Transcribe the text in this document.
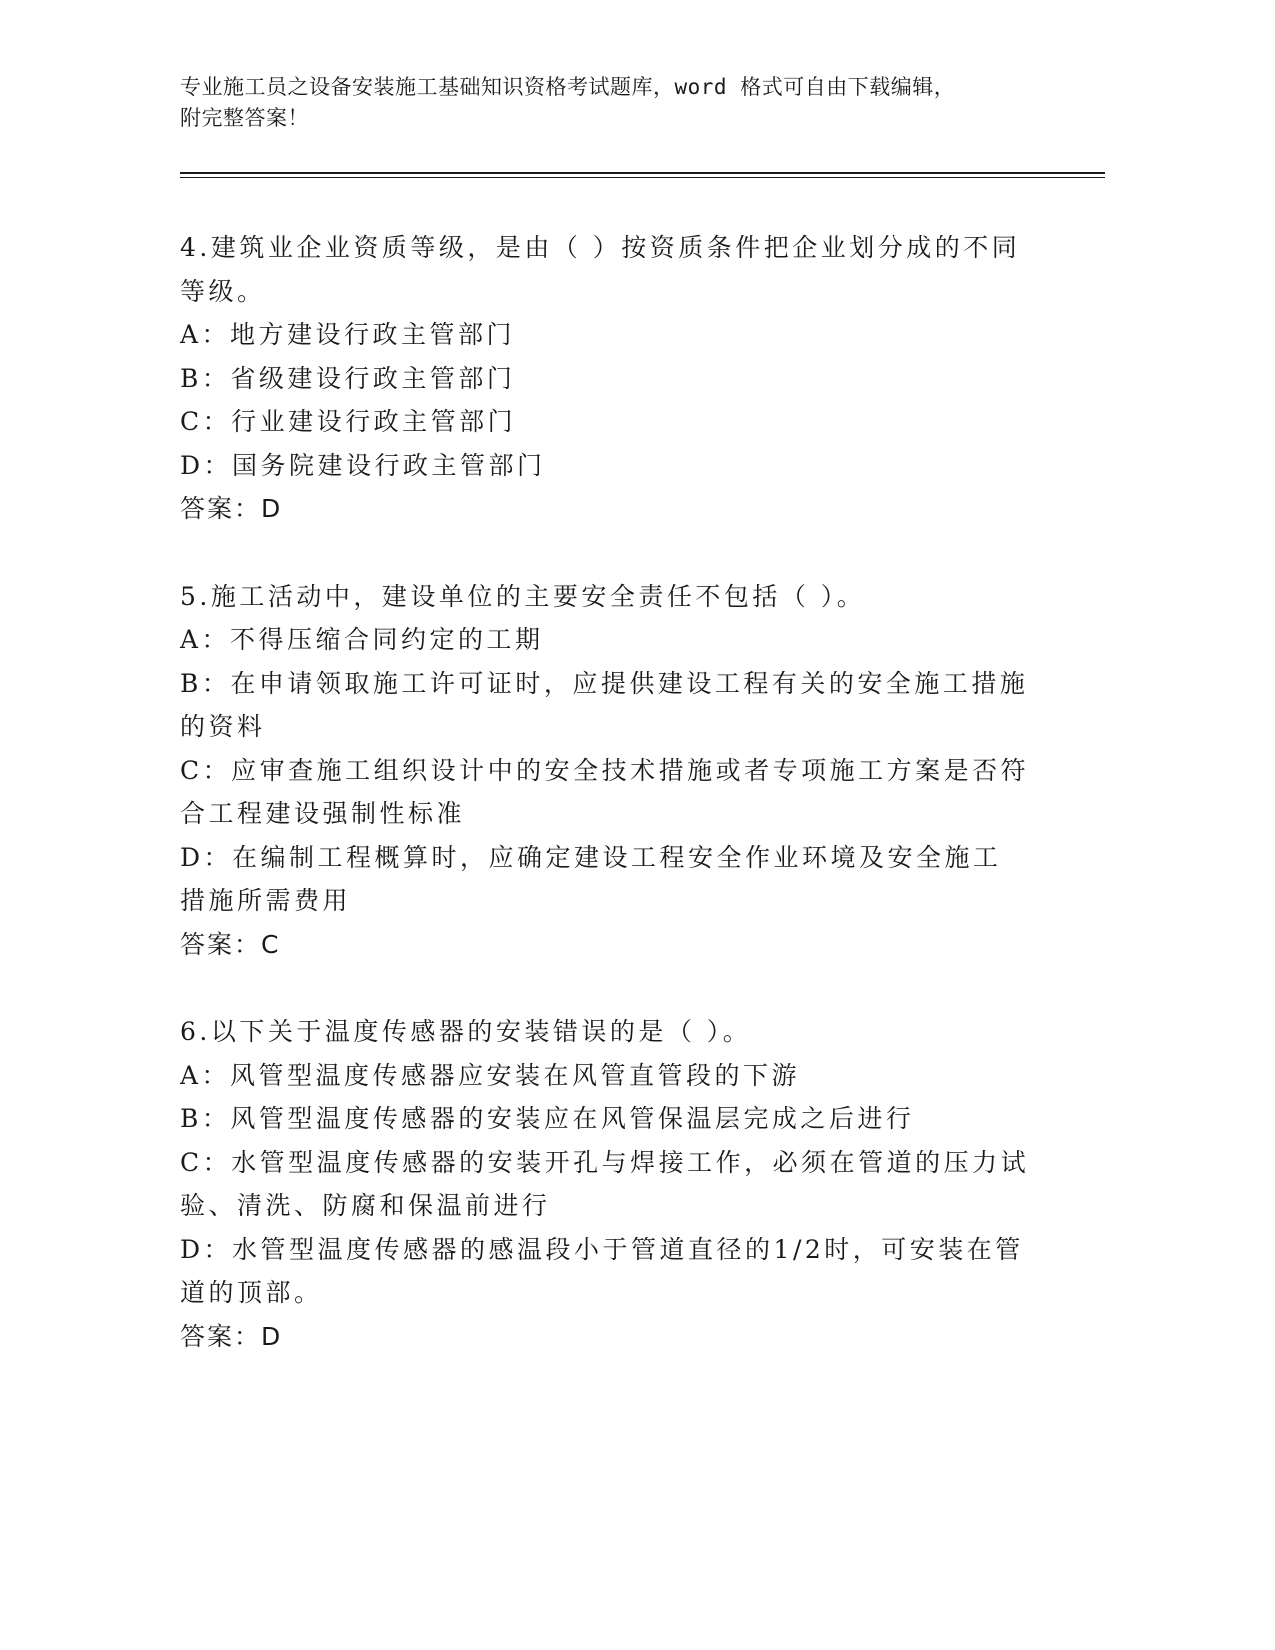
专业施工员之设备安装施工基础知识资格考试题库，word 格式可自由下载编辑，
附完整答案！

4.建筑业企业资质等级，是由（ ）按资质条件把企业划分成的不同等级。

A：地方建设行政主管部门

B：省级建设行政主管部门

C：行业建设行政主管部门

D：国务院建设行政主管部门

答案：D

5.施工活动中，建设单位的主要安全责任不包括（ ）。

A：不得压缩合同约定的工期

B：在申请领取施工许可证时，应提供建设工程有关的安全施工措施的资料

C：应审查施工组织设计中的安全技术措施或者专项施工方案是否符合工程建设强制性标准

D：在编制工程概算时，应确定建设工程安全作业环境及安全施工措施所需费用

答案：C

6.以下关于温度传感器的安装错误的是（ ）。

A：风管型温度传感器应安装在风管直管段的下游

B：风管型温度传感器的安装应在风管保温层完成之后进行

C：水管型温度传感器的安装开孔与焊接工作，必须在管道的压力试验、清洗、防腐和保温前进行

D：水管型温度传感器的感温段小于管道直径的1/2时，可安装在管道的顶部。

答案：D
